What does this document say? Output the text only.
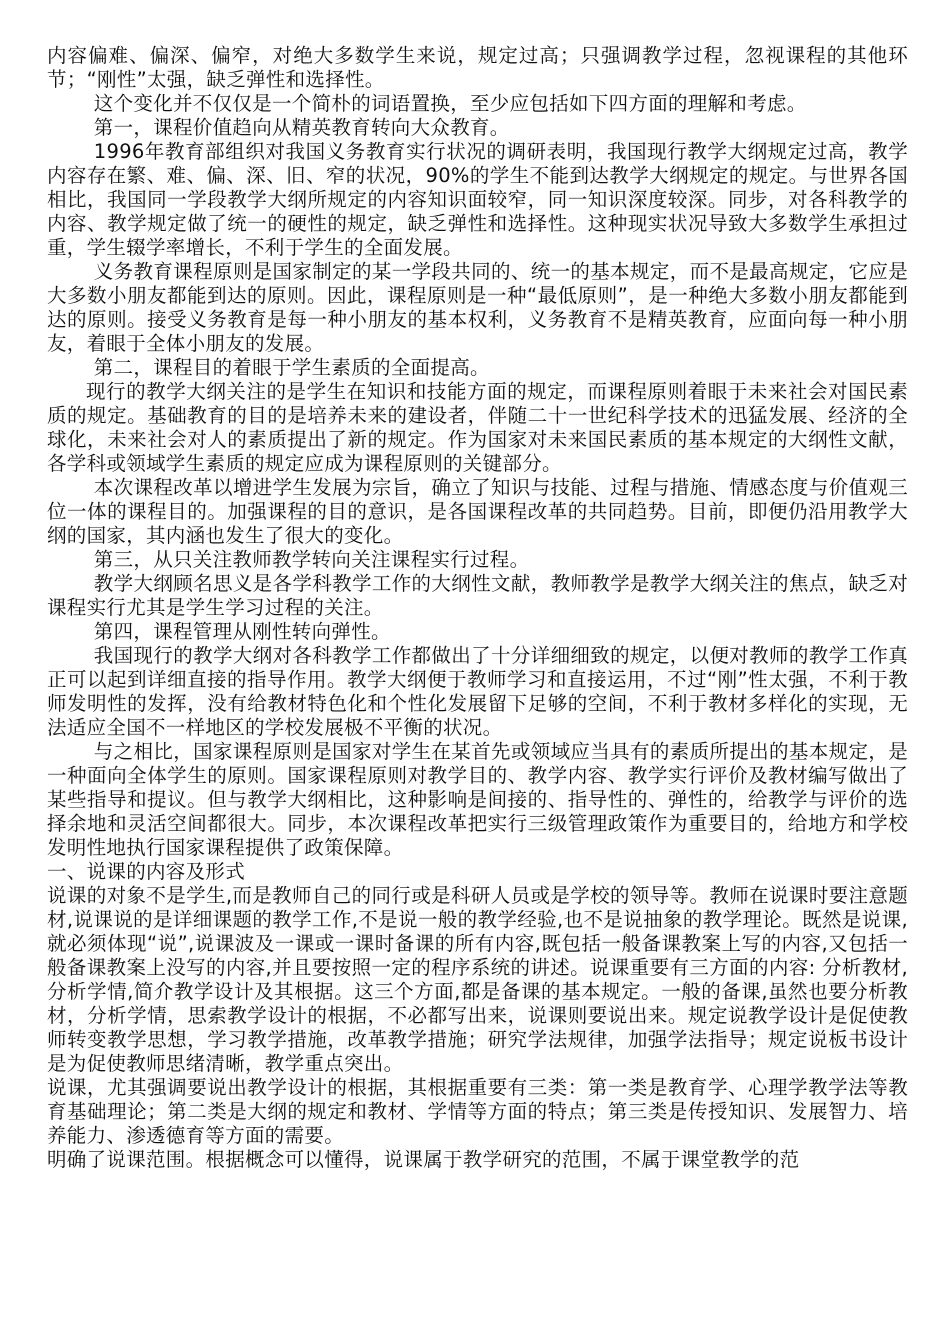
内容偏难、偏深、偏窄，对绝大多数学生来说，规定过高；只强调教学过程，忽视课程的其他环节；“刚性”太强，缺乏弹性和选择性。

这个变化并不仅仅是一个简朴的词语置换，至少应包括如下四方面的理解和考虑。

第一，课程价值趋向从精英教育转向大众教育。

1996年教育部组织对我国义务教育实行状况的调研表明，我国现行教学大纲规定过高，教学内容存在繁、难、偏、深、旧、窄的状况，90%的学生不能到达教学大纲规定的规定。与世界各国相比，我国同一学段教学大纲所规定的内容知识面较窄，同一知识深度较深。同步，对各科教学的内容、教学规定做了统一的硬性的规定，缺乏弹性和选择性。这种现实状况导致大多数学生承担过重，学生辍学率增长，不利于学生的全面发展。

义务教育课程原则是国家制定的某一学段共同的、统一的基本规定，而不是最高规定，它应是大多数小朋友都能到达的原则。因此，课程原则是一种“最低原则”，是一种绝大多数小朋友都能到达的原则。接受义务教育是每一种小朋友的基本权利，义务教育不是精英教育，应面向每一种小朋友，着眼于全体小朋友的发展。

第二，课程目的着眼于学生素质的全面提高。

现行的教学大纲关注的是学生在知识和技能方面的规定，而课程原则着眼于未来社会对国民素质的规定。基础教育的目的是培养未来的建设者，伴随二十一世纪科学技术的迅猛发展、经济的全球化，未来社会对人的素质提出了新的规定。作为国家对未来国民素质的基本规定的大纲性文献，各学科或领域学生素质的规定应成为课程原则的关键部分。

本次课程改革以增进学生发展为宗旨，确立了知识与技能、过程与措施、情感态度与价值观三位一体的课程目的。加强课程的目的意识，是各国课程改革的共同趋势。目前，即便仍沿用教学大纲的国家，其内涵也发生了很大的变化。

第三，从只关注教师教学转向关注课程实行过程。

教学大纲顾名思义是各学科教学工作的大纲性文献，教师教学是教学大纲关注的焦点，缺乏对课程实行尤其是学生学习过程的关注。

第四，课程管理从刚性转向弹性。

我国现行的教学大纲对各科教学工作都做出了十分详细细致的规定，以便对教师的教学工作真正可以起到详细直接的指导作用。教学大纲便于教师学习和直接运用，不过“刚”性太强，不利于教师发明性的发挥，没有给教材特色化和个性化发展留下足够的空间，不利于教材多样化的实现，无法适应全国不一样地区的学校发展极不平衡的状况。

与之相比，国家课程原则是国家对学生在某首先或领域应当具有的素质所提出的基本规定，是一种面向全体学生的原则。国家课程原则对教学目的、教学内容、教学实行评价及教材编写做出了某些指导和提议。但与教学大纲相比，这种影响是间接的、指导性的、弹性的，给教学与评价的选择余地和灵活空间都很大。同步，本次课程改革把实行三级管理政策作为重要目的，给地方和学校发明性地执行国家课程提供了政策保障。

一、说课的内容及形式

说课的对象不是学生,而是教师自己的同行或是科研人员或是学校的领导等。教师在说课时要注意题材,说课说的是详细课题的教学工作,不是说一般的教学经验,也不是说抽象的教学理论。既然是说课,就必须体现“说”,说课波及一课或一课时备课的所有内容,既包括一般备课教案上写的内容,又包括一般备课教案上没写的内容,并且要按照一定的程序系统的讲述。说课重要有三方面的内容: 分析教材,分析学情,简介教学设计及其根据。这三个方面,都是备课的基本规定。一般的备课,虽然也要分析教材，分析学情，思索教学设计的根据，不必都写出来，说课则要说出来。规定说教学设计是促使教师转变教学思想，学习教学措施，改革教学措施；研究学法规律，加强学法指导；规定说板书设计是为促使教师思绪清晰，教学重点突出。

说课，尤其强调要说出教学设计的根据，其根据重要有三类：第一类是教育学、心理学教学法等教育基础理论；第二类是大纲的规定和教材、学情等方面的特点；第三类是传授知识、发展智力、培养能力、渗透德育等方面的需要。

明确了说课范围。根据概念可以懂得，说课属于教学研究的范围，不属于课堂教学的范
